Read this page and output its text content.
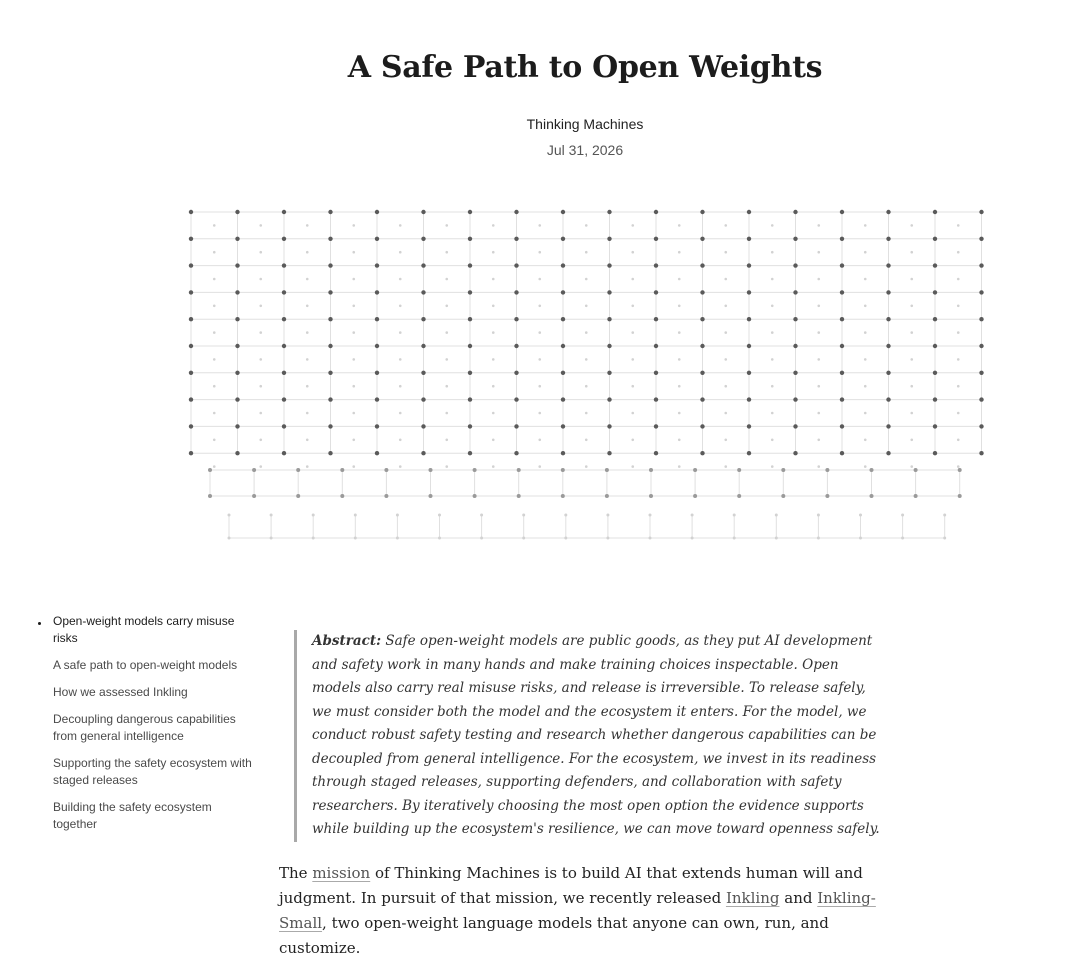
A Safe Path to Open Weights
Thinking Machines
Jul 31, 2026
Open-weight models carry misuse risks
A safe path to open-weight models
How we assessed Inkling
Decoupling dangerous capabilities from general intelligence
Supporting the safety ecosystem with staged releases
Building the safety ecosystem together
Abstract: Safe open-weight models are public goods, as they put AI development and safety work in many hands and make training choices inspectable. Open models also carry real misuse risks, and release is irreversible. To release safely, we must consider both the model and the ecosystem it enters. For the model, we conduct robust safety testing and research whether dangerous capabilities can be decoupled from general intelligence. For the ecosystem, we invest in its readiness through staged releases, supporting defenders, and collaboration with safety researchers. By iteratively choosing the most open option the evidence supports while building up the ecosystem's resilience, we can move toward openness safely.

The mission of Thinking Machines is to build AI that extends human will and judgment. In pursuit of that mission, we recently released Inkling and Inkling-Small, two open-weight language models that anyone can own, run, and customize.
